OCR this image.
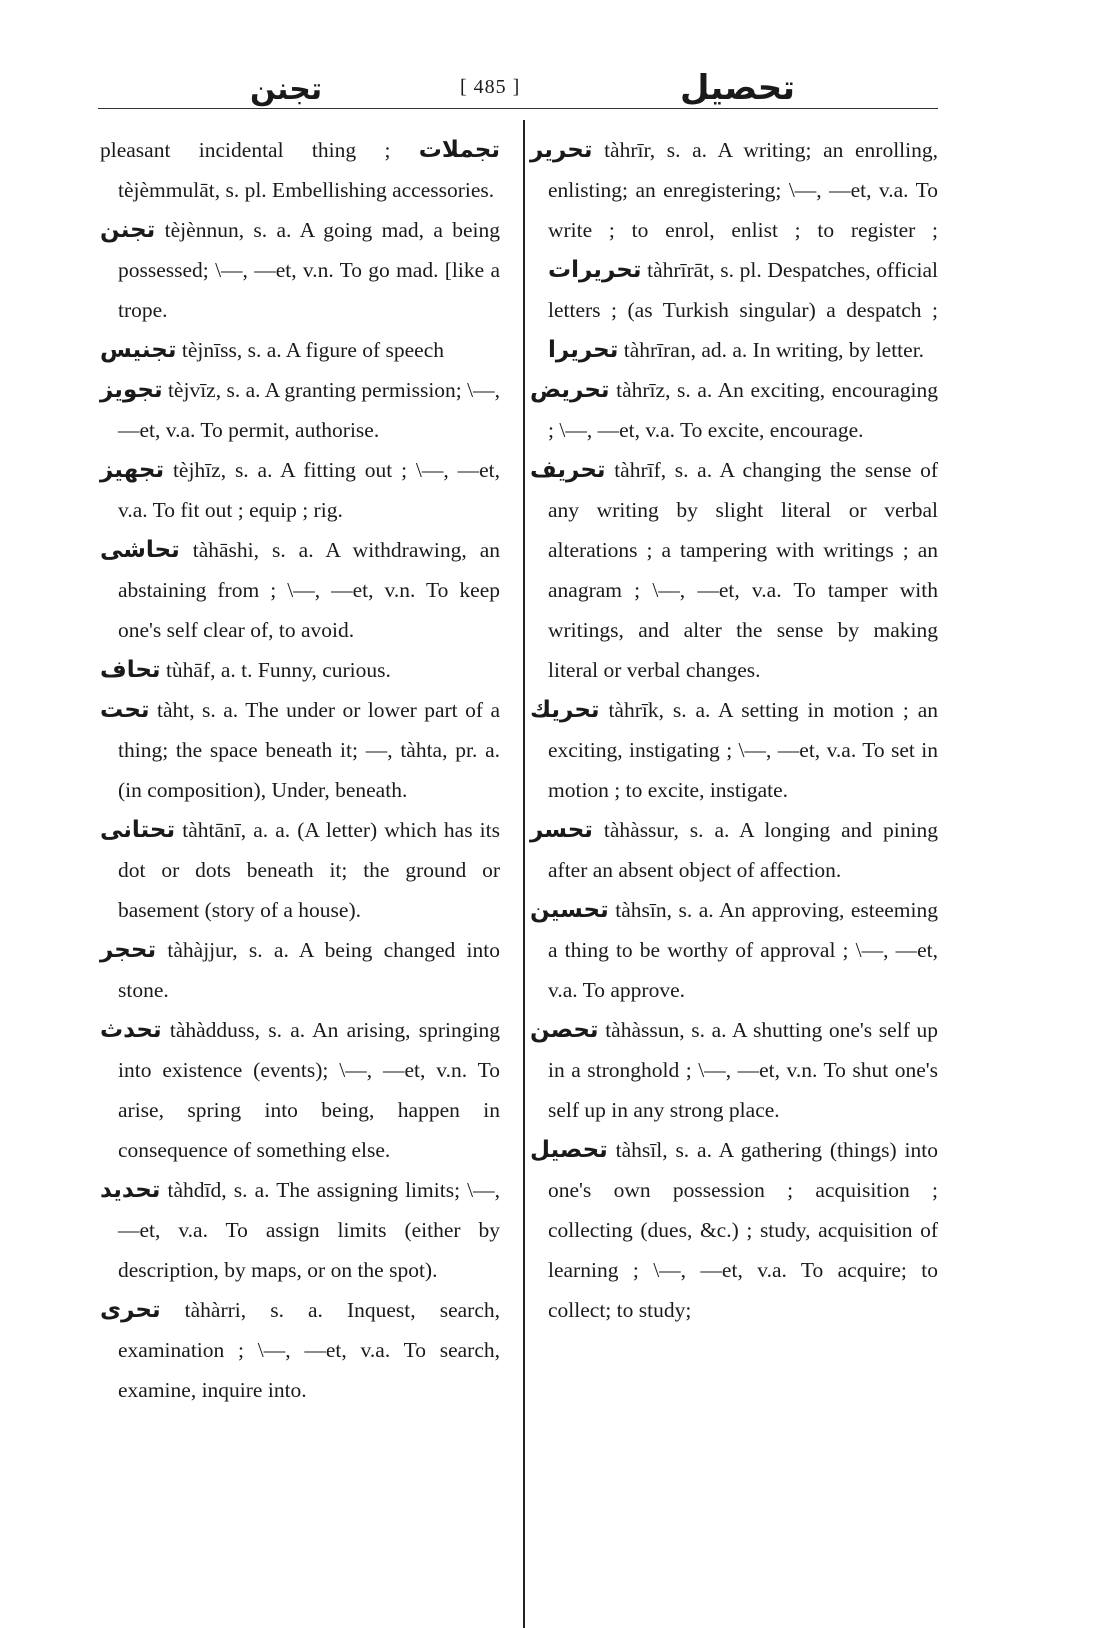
تجنن	[ 485 ]	تحصيل
pleasant incidental thing ; تجملات tèjèmmulāt, s. pl. Embellishing accessories.
تجنن tèjènnun, s. a. A going mad, a being possessed; \—, —et, v.n. To go mad. [like a trope.
تجنيس tèjnīss, s. a. A figure of speech
تجويز tèjvīz, s. a. A granting permission; \—, —et, v.a. To permit, authorise.
تجهيز tèjhīz, s. a. A fitting out ; \—, —et, v.a. To fit out ; equip ; rig.
تحاشى tàhāshi, s. a. A withdrawing, an abstaining from ; \—, —et, v.n. To keep one's self clear of, to avoid.
تحاف tùhāf, a. t. Funny, curious.
تحت tàht, s. a. The under or lower part of a thing; the space beneath it; —, tàhta, pr. a. (in composition), Under, beneath.
تحتانى tàhtānī, a. a. (A letter) which has its dot or dots beneath it; the ground or basement (story of a house).
تحجر tàhàjjur, s. a. A being changed into stone.
تحدث tàhàdduss, s. a. An arising, springing into existence (events); \—, —et, v.n. To arise, spring into being, happen in consequence of something else.
تحديد tàhdīd, s. a. The assigning limits; \—, —et, v.a. To assign limits (either by description, by maps, or on the spot).
تحرى tàhàrri, s. a. Inquest, search, examination ; \—, —et, v.a. To search, examine, inquire into.
تحرير tàhrīr, s. a. A writing; an enrolling, enlisting; an enregistering; \—, —et, v.a. To write ; to enrol, enlist ; to register ; تحريرات tàhrīrāt, s. pl. Despatches, official letters ; (as Turkish singular) a despatch ; تحريرا tàhrīran, ad. a. In writing, by letter.
تحريض tàhrīz, s. a. An exciting, encouraging ; \—, —et, v.a. To excite, encourage.
تحريف tàhrīf, s. a. A changing the sense of any writing by slight literal or verbal alterations ; a tampering with writings ; an anagram ; \—, —et, v.a. To tamper with writings, and alter the sense by making literal or verbal changes.
تحريك tàhrīk, s. a. A setting in motion ; an exciting, instigating ; \—, —et, v.a. To set in motion ; to excite, instigate.
تحسر tàhàssur, s. a. A longing and pining after an absent object of affection.
تحسين tàhsīn, s. a. An approving, esteeming a thing to be worthy of approval ; \—, —et, v.a. To approve.
تحصن tàhàssun, s. a. A shutting one's self up in a stronghold ; \—, —et, v.n. To shut one's self up in any strong place.
تحصيل tàhsīl, s. a. A gathering (things) into one's own possession ; acquisition ; collecting (dues, &c.) ; study, acquisition of learning ; \—, —et, v.a. To acquire; to collect; to study;
